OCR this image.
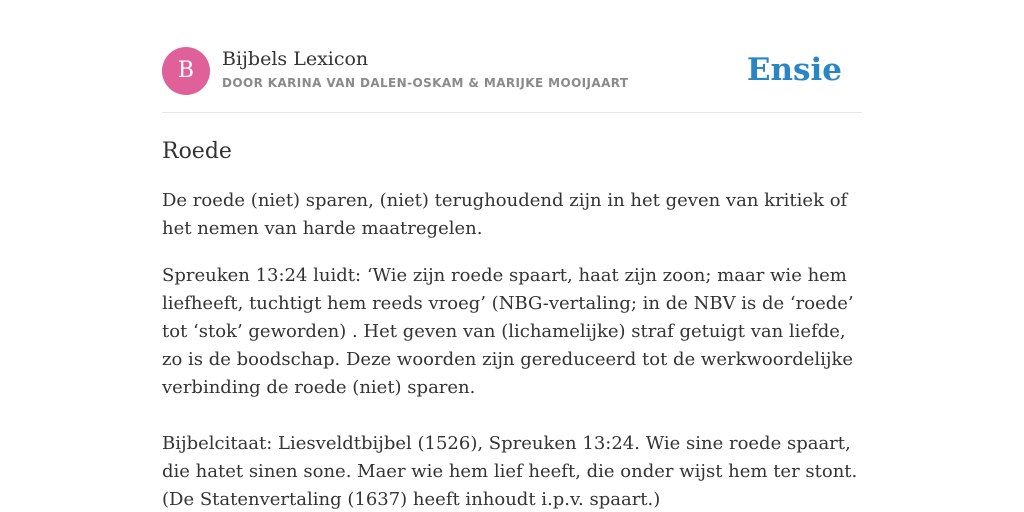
B	Bijbels Lexicon
DOOR KARINA VAN DALEN-OSKAM & MARIJKE MOOIJAART	Ensie
Roede

De roede (niet) sparen, (niet) terughoudend zijn in het geven van kritiek of het nemen van harde maatregelen.

Spreuken 13:24 luidt: ‘Wie zijn roede spaart, haat zijn zoon; maar wie hem liefheeft, tuchtigt hem reeds vroeg’ (NBG-vertaling; in de NBV is de ‘roede’ tot ‘stok’ geworden) . Het geven van (lichamelijke) straf getuigt van liefde, zo is de boodschap. Deze woorden zijn gereduceerd tot de werkwoordelijke verbinding de roede (niet) sparen.

Bijbelcitaat: Liesveldtbijbel (1526), Spreuken 13:24. Wie sine roede spaart, die hatet sinen sone. Maer wie hem lief heeft, die onder wijst hem ter stont. (De Statenvertaling (1637) heeft inhoudt i.p.v. spaart.)
